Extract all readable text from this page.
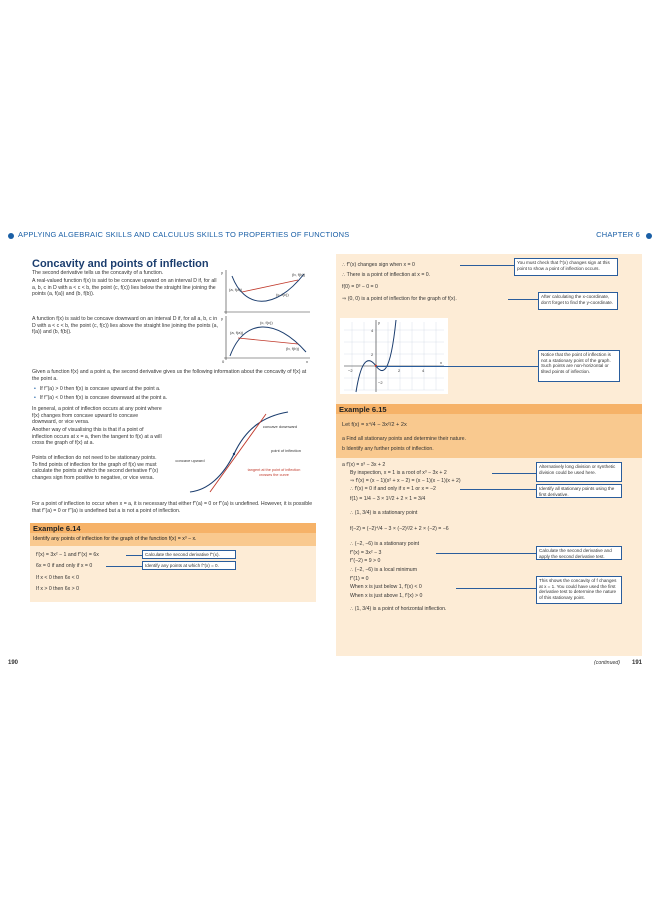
APPLYING ALGEBRAIC SKILLS AND CALCULUS SKILLS TO PROPERTIES OF FUNCTIONS	CHAPTER 6
Concavity and points of inflection
The second derivative tells us the concavity of a function.
A real-valued function f(x) is said to be concave upward on an interval D if, for all a, b, c in D with a < c < b, the point (c, f(c)) lies below the straight line joining the points (a, f(a)) and (b, f(b)).
(b, f(b))
(a, f(a))
(c, f(c))
y
A function f(x) is said to be concave downward on an interval D if, for all a, b, c in D with a < c < b, the point (c, f(c)) lies above the straight line joining the points (a, f(a)) and (b, f(b)).
(c, f(c))
(a, f(a))
(b, f(b))
y
x
0
Given a function f(x) and a point a, the second derivative gives us the following information about the concavity of f(x) at the point a.
• If f''(a) > 0 then f(x) is concave upward at the point a.
• If f''(a) < 0 then f(x) is concave downward at the point a.
In general, a point of inflection occurs at any point where f(x) changes from concave upward to concave downward, or vice versa.
Another way of visualising this is that if a point of inflection occurs at x = a, then the tangent to f(x) at a will cross the graph of f(x) at a.
Points of inflection do not need to be stationary points. To find points of inflection for the graph of f(x) we must calculate the points at which the second derivative f''(x) changes sign from positive to negative, or vice versa.
concave downward
point of inflection
concave upward
tangent at the point of inflection crosses the curve
For a point of inflection to occur when x = a, it is necessary that either f''(a) = 0 or f''(a) is undefined. However, it is possible that f''(a) = 0 or f''(a) is undefined but a is not a point of inflection.
Example 6.14
Identify any points of inflection for the graph of the function f(x) = x³ − x.
f'(x) = 3x² − 1 and f''(x) = 6x
6x = 0 if and only if x = 0
If x < 0 then 6x < 0
If x > 0 then 6x > 0
Calculate the second derivative f''(x).
Identify any points at which f''(x) = 0.
190
∴ f''(x) changes sign when x = 0
∴ There is a point of inflection at x = 0.
f(0) = 0³ − 0 = 0
⇒ (0, 0) is a point of inflection for the graph of f(x).
You must check that f''(x) changes sign at this point to show a point of inflection occurs.
After calculating the x-coordinate, don't forget to find the y-coordinate.
y
x
4
2
−2
−2	2	4
Notice that the point of inflection is not a stationary point of the graph. Such points are non-horizontal or tilted points of inflection.
Example 6.15
Let f(x) = x⁴/4 − 3x²/2 + 2x
a Find all stationary points and determine their nature.
b Identify any further points of inflection.
a f'(x) = x³ − 3x + 2
By inspection, x = 1 is a root of x³ − 3x + 2
⇒ f'(x) = (x − 1)(x² + x − 2) = (x − 1)(x − 1)(x + 2)
∴ f'(x) = 0 if and only if x = 1 or x = −2
f(1) = 1/4 − 3 × 1²/2 + 2 × 1 = 3/4
∴ (1, 3/4) is a stationary point
f(−2) = (−2)⁴/4 − 3 × (−2)²/2 + 2 × (−2) = −6
∴ (−2, −6) is a stationary point
f''(x) = 3x² − 3
f''(−2) = 9 > 0
∴ (−2, −6) is a local minimum
f''(1) = 0
When x is just below 1, f'(x) < 0
When x is just above 1, f'(x) > 0
∴ (1, 3/4) is a point of horizontal inflection.
Alternatively long division or synthetic division could be used here.
Identify all stationary points using the first derivative.
Calculate the second derivative and apply the second derivative test.
This shows the concavity of f changes at x = 1. You could have used the first derivative test to determine the nature of this stationary point.
(continued) 191
